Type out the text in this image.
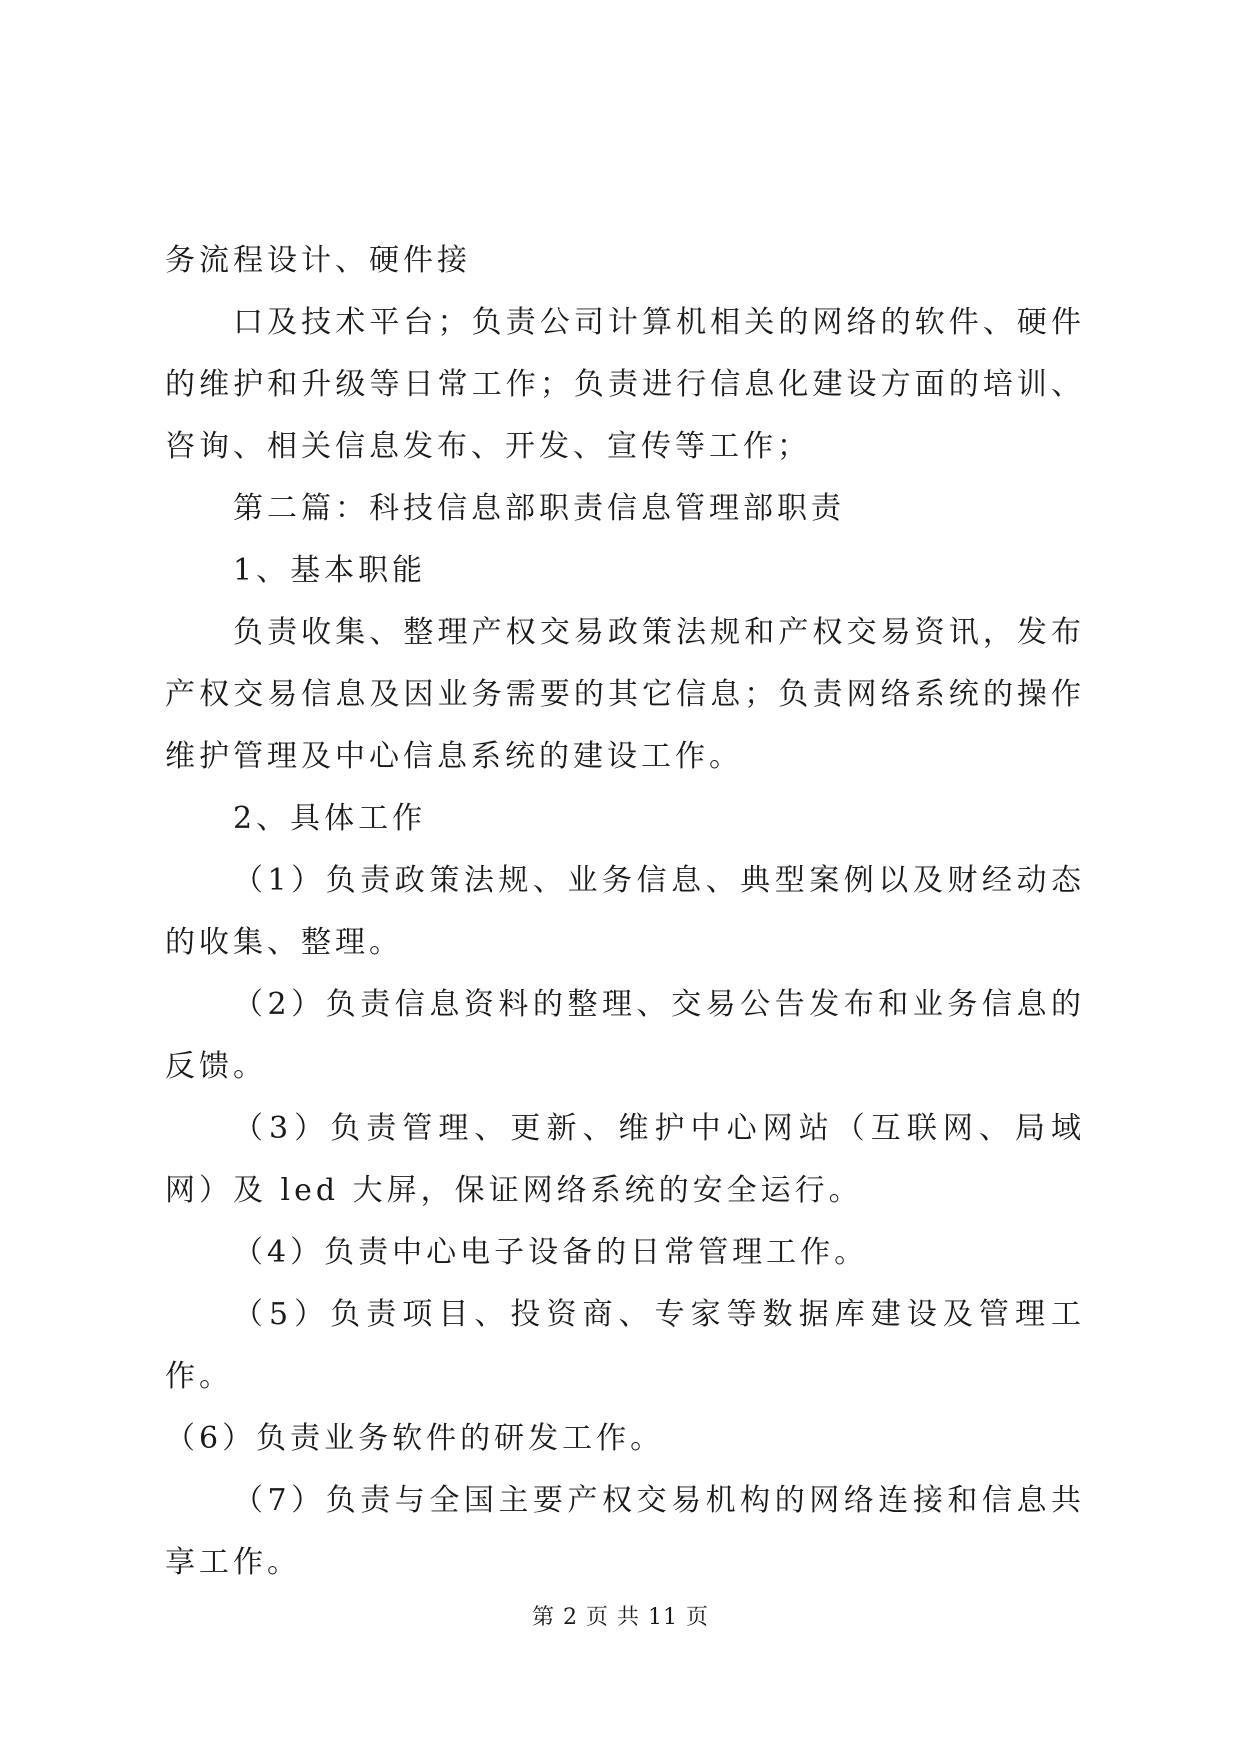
务流程设计、硬件接

口及技术平台；负责公司计算机相关的网络的软件、硬件的维护和升级等日常工作；负责进行信息化建设方面的培训、咨询、相关信息发布、开发、宣传等工作；

第二篇：科技信息部职责信息管理部职责

1、基本职能

负责收集、整理产权交易政策法规和产权交易资讯，发布产权交易信息及因业务需要的其它信息；负责网络系统的操作维护管理及中心信息系统的建设工作。

2、具体工作

（1）负责政策法规、业务信息、典型案例以及财经动态的收集、整理。

（2）负责信息资料的整理、交易公告发布和业务信息的反馈。

（3）负责管理、更新、维护中心网站（互联网、局域网）及 led 大屏，保证网络系统的安全运行。

（4）负责中心电子设备的日常管理工作。

（5）负责项目、投资商、专家等数据库建设及管理工作。

（6）负责业务软件的研发工作。

（7）负责与全国主要产权交易机构的网络连接和信息共享工作。

第 2 页 共 11 页
